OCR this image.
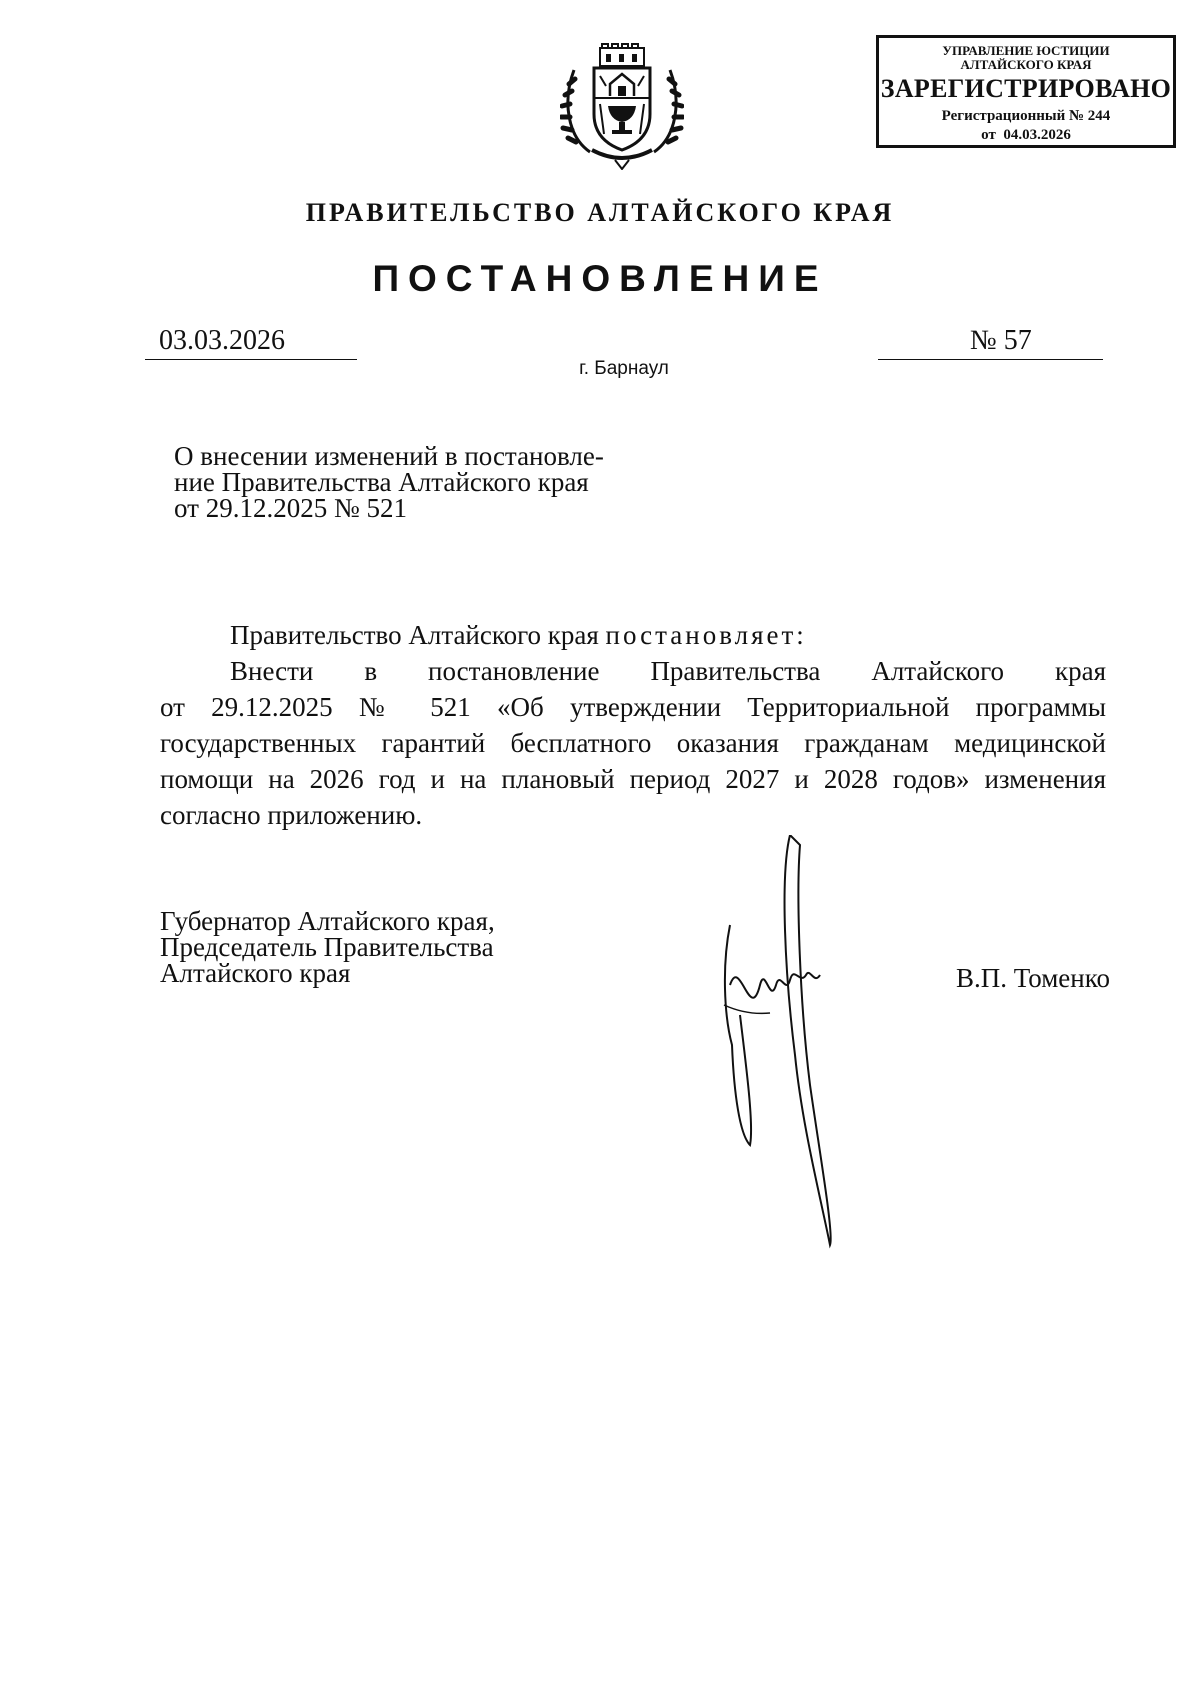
УПРАВЛЕНИЕ ЮСТИЦИИ
АЛТАЙСКОГО КРАЯ
ЗАРЕГИСТРИРОВАНО
Регистрационный № 244
от  04.03.2026
ПРАВИТЕЛЬСТВО АЛТАЙСКОГО КРАЯ
ПОСТАНОВЛЕНИЕ
03.03.2026	№ 57
г. Барнаул
О внесении изменений в постановле-
ние Правительства Алтайского края
от 29.12.2025 № 521
Правительство Алтайского края постановляет:
Внести в постановление Правительства Алтайского края
от 29.12.2025 № 521 «Об утверждении Территориальной программы
государственных гарантий бесплатного оказания гражданам медицинской
помощи на 2026 год и на плановый период 2027 и 2028 годов» изменения
согласно приложению.
Губернатор Алтайского края,
Председатель Правительства
Алтайского края	В.П. Томенко
